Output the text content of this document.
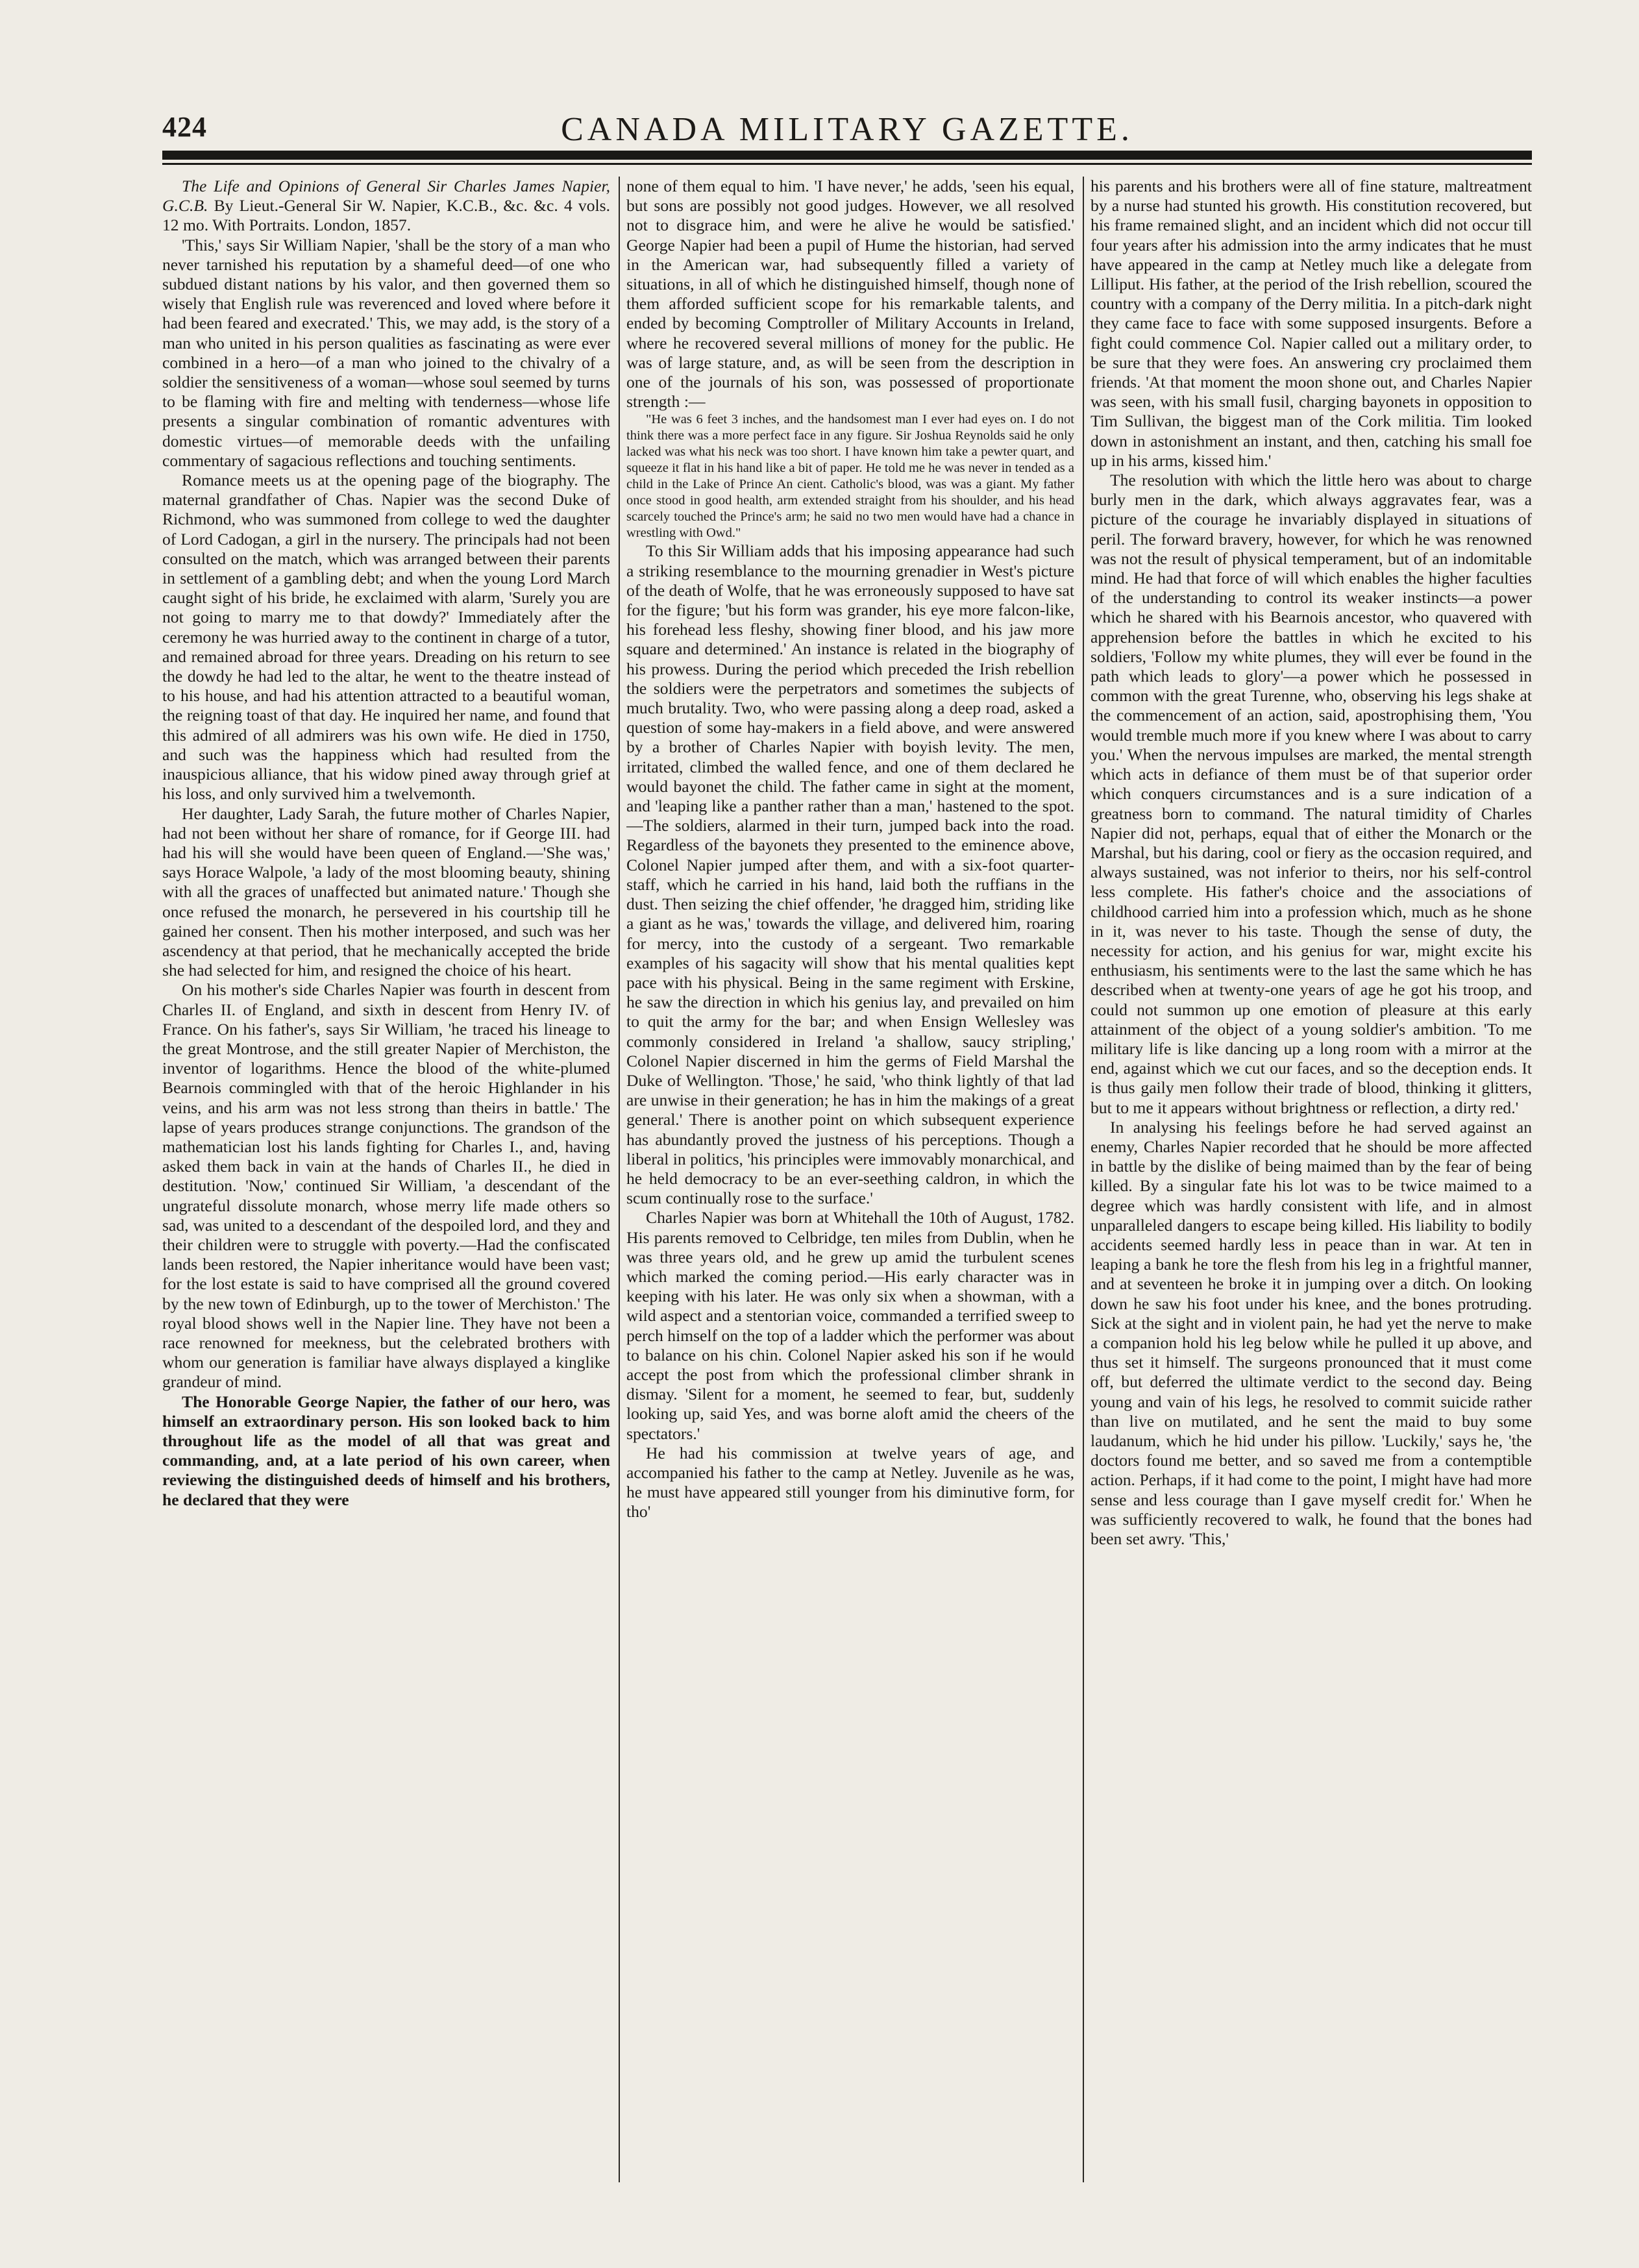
424	CANADA MILITARY GAZETTE.

The Life and Opinions of General Sir Charles James Napier, G.C.B. By Lieut.-General Sir W. Napier, K.C.B., &c. &c. 4 vols. 12 mo. With Portraits. London, 1857.

'This,' says Sir William Napier, 'shall be the story of a man who never tarnished his reputation by a shameful deed—of one who subdued distant nations by his valor, and then governed them so wisely that English rule was reverenced and loved where before it had been feared and execrated.' This, we may add, is the story of a man who united in his person qualities as fascinating as were ever combined in a hero—of a man who joined to the chivalry of a soldier the sensitiveness of a woman—whose soul seemed by turns to be flaming with fire and melting with tenderness—whose life presents a singular combination of romantic adventures with domestic virtues—of memorable deeds with the unfailing commentary of sagacious reflections and touching sentiments.

Romance meets us at the opening page of the biography. The maternal grandfather of Chas. Napier was the second Duke of Richmond, who was summoned from college to wed the daughter of Lord Cadogan, a girl in the nursery. The principals had not been consulted on the match, which was arranged between their parents in settlement of a gambling debt; and when the young Lord March caught sight of his bride, he exclaimed with alarm, 'Surely you are not going to marry me to that dowdy?' Immediately after the ceremony he was hurried away to the continent in charge of a tutor, and remained abroad for three years. Dreading on his return to see the dowdy he had led to the altar, he went to the theatre instead of to his house, and had his attention attracted to a beautiful woman, the reigning toast of that day. He inquired her name, and found that this admired of all admirers was his own wife. He died in 1750, and such was the happiness which had resulted from the inauspicious alliance, that his widow pined away through grief at his loss, and only survived him a twelvemonth.

Her daughter, Lady Sarah, the future mother of Charles Napier, had not been without her share of romance, for if George III. had had his will she would have been queen of England.—'She was,' says Horace Walpole, 'a lady of the most blooming beauty, shining with all the graces of unaffected but animated nature.' Though she once refused the monarch, he persevered in his courtship till he gained her consent. Then his mother interposed, and such was her ascendency at that period, that he mechanically accepted the bride she had selected for him, and resigned the choice of his heart.

On his mother's side Charles Napier was fourth in descent from Charles II. of England, and sixth in descent from Henry IV. of France. On his father's, says Sir William, 'he traced his lineage to the great Montrose, and the still greater Napier of Merchiston, the inventor of logarithms. Hence the blood of the white-plumed Bearnois commingled with that of the heroic Highlander in his veins, and his arm was not less strong than theirs in battle.' The lapse of years produces strange conjunctions. The grandson of the mathematician lost his lands fighting for Charles I., and, having asked them back in vain at the hands of Charles II., he died in destitution. 'Now,' continued Sir William, 'a descendant of the ungrateful dissolute monarch, whose merry life made others so sad, was united to a descendant of the despoiled lord, and they and their children were to struggle with poverty.—Had the confiscated lands been restored, the Napier inheritance would have been vast; for the lost estate is said to have comprised all the ground covered by the new town of Edinburgh, up to the tower of Merchiston.' The royal blood shows well in the Napier line. They have not been a race renowned for meekness, but the celebrated brothers with whom our generation is familiar have always displayed a kinglike grandeur of mind.

The Honorable George Napier, the father of our hero, was himself an extraordinary person. His son looked back to him throughout life as the model of all that was great and commanding, and, at a late period of his own career, when reviewing the distinguished deeds of himself and his brothers, he declared that they were

none of them equal to him. 'I have never,' he adds, 'seen his equal, but sons are possibly not good judges. However, we all resolved not to disgrace him, and were he alive he would be satisfied.' George Napier had been a pupil of Hume the historian, had served in the American war, had subsequently filled a variety of situations, in all of which he distinguished himself, though none of them afforded sufficient scope for his remarkable talents, and ended by becoming Comptroller of Military Accounts in Ireland, where he recovered several millions of money for the public. He was of large stature, and, as will be seen from the description in one of the journals of his son, was possessed of proportionate strength :—

"He was 6 feet 3 inches, and the handsomest man I ever had eyes on. I do not think there was a more perfect face in any figure. Sir Joshua Reynolds said he only lacked was what his neck was too short. I have known him take a pewter quart, and squeeze it flat in his hand like a bit of paper. He told me he was never in tended as a child in the Lake of Prince An cient. Catholic's blood, was was a giant. My father once stood in good health, arm extended straight from his shoulder, and his head scarcely touched the Prince's arm; he said no two men would have had a chance in wrestling with Owd."

To this Sir William adds that his imposing appearance had such a striking resemblance to the mourning grenadier in West's picture of the death of Wolfe, that he was erroneously supposed to have sat for the figure; 'but his form was grander, his eye more falcon-like, his forehead less fleshy, showing finer blood, and his jaw more square and determined.' An instance is related in the biography of his prowess. During the period which preceded the Irish rebellion the soldiers were the perpetrators and sometimes the subjects of much brutality. Two, who were passing along a deep road, asked a question of some hay-makers in a field above, and were answered by a brother of Charles Napier with boyish levity. The men, irritated, climbed the walled fence, and one of them declared he would bayonet the child. The father came in sight at the moment, and 'leaping like a panther rather than a man,' hastened to the spot.—The soldiers, alarmed in their turn, jumped back into the road. Regardless of the bayonets they presented to the eminence above, Colonel Napier jumped after them, and with a six-foot quarter-staff, which he carried in his hand, laid both the ruffians in the dust. Then seizing the chief offender, 'he dragged him, striding like a giant as he was,' towards the village, and delivered him, roaring for mercy, into the custody of a sergeant. Two remarkable examples of his sagacity will show that his mental qualities kept pace with his physical. Being in the same regiment with Erskine, he saw the direction in which his genius lay, and prevailed on him to quit the army for the bar; and when Ensign Wellesley was commonly considered in Ireland 'a shallow, saucy stripling,' Colonel Napier discerned in him the germs of Field Marshal the Duke of Wellington. 'Those,' he said, 'who think lightly of that lad are unwise in their generation; he has in him the makings of a great general.' There is another point on which subsequent experience has abundantly proved the justness of his perceptions. Though a liberal in politics, 'his principles were immovably monarchical, and he held democracy to be an ever-seething caldron, in which the scum continually rose to the surface.'

Charles Napier was born at Whitehall the 10th of August, 1782. His parents removed to Celbridge, ten miles from Dublin, when he was three years old, and he grew up amid the turbulent scenes which marked the coming period.—His early character was in keeping with his later. He was only six when a showman, with a wild aspect and a stentorian voice, commanded a terrified sweep to perch himself on the top of a ladder which the performer was about to balance on his chin. Colonel Napier asked his son if he would accept the post from which the professional climber shrank in dismay. 'Silent for a moment, he seemed to fear, but, suddenly looking up, said Yes, and was borne aloft amid the cheers of the spectators.'

He had his commission at twelve years of age, and accompanied his father to the camp at Netley. Juvenile as he was, he must have appeared still younger from his diminutive form, for tho'

his parents and his brothers were all of fine stature, maltreatment by a nurse had stunted his growth. His constitution recovered, but his frame remained slight, and an incident which did not occur till four years after his admission into the army indicates that he must have appeared in the camp at Netley much like a delegate from Lilliput. His father, at the period of the Irish rebellion, scoured the country with a company of the Derry militia. In a pitch-dark night they came face to face with some supposed insurgents. Before a fight could commence Col. Napier called out a military order, to be sure that they were foes. An answering cry proclaimed them friends. 'At that moment the moon shone out, and Charles Napier was seen, with his small fusil, charging bayonets in opposition to Tim Sullivan, the biggest man of the Cork militia. Tim looked down in astonishment an instant, and then, catching his small foe up in his arms, kissed him.'

The resolution with which the little hero was about to charge burly men in the dark, which always aggravates fear, was a picture of the courage he invariably displayed in situations of peril. The forward bravery, however, for which he was renowned was not the result of physical temperament, but of an indomitable mind. He had that force of will which enables the higher faculties of the understanding to control its weaker instincts—a power which he shared with his Bearnois ancestor, who quavered with apprehension before the battles in which he excited to his soldiers, 'Follow my white plumes, they will ever be found in the path which leads to glory'—a power which he possessed in common with the great Turenne, who, observing his legs shake at the commencement of an action, said, apostrophising them, 'You would tremble much more if you knew where I was about to carry you.' When the nervous impulses are marked, the mental strength which acts in defiance of them must be of that superior order which conquers circumstances and is a sure indication of a greatness born to command. The natural timidity of Charles Napier did not, perhaps, equal that of either the Monarch or the Marshal, but his daring, cool or fiery as the occasion required, and always sustained, was not inferior to theirs, nor his self-control less complete. His father's choice and the associations of childhood carried him into a profession which, much as he shone in it, was never to his taste. Though the sense of duty, the necessity for action, and his genius for war, might excite his enthusiasm, his sentiments were to the last the same which he has described when at twenty-one years of age he got his troop, and could not summon up one emotion of pleasure at this early attainment of the object of a young soldier's ambition. 'To me military life is like dancing up a long room with a mirror at the end, against which we cut our faces, and so the deception ends. It is thus gaily men follow their trade of blood, thinking it glitters, but to me it appears without brightness or reflection, a dirty red.'

In analysing his feelings before he had served against an enemy, Charles Napier recorded that he should be more affected in battle by the dislike of being maimed than by the fear of being killed. By a singular fate his lot was to be twice maimed to a degree which was hardly consistent with life, and in almost unparalleled dangers to escape being killed. His liability to bodily accidents seemed hardly less in peace than in war. At ten in leaping a bank he tore the flesh from his leg in a frightful manner, and at seventeen he broke it in jumping over a ditch. On looking down he saw his foot under his knee, and the bones protruding. Sick at the sight and in violent pain, he had yet the nerve to make a companion hold his leg below while he pulled it up above, and thus set it himself. The surgeons pronounced that it must come off, but deferred the ultimate verdict to the second day. Being young and vain of his legs, he resolved to commit suicide rather than live on mutilated, and he sent the maid to buy some laudanum, which he hid under his pillow. 'Luckily,' says he, 'the doctors found me better, and so saved me from a contemptible action. Perhaps, if it had come to the point, I might have had more sense and less courage than I gave myself credit for.' When he was sufficiently recovered to walk, he found that the bones had been set awry. 'This,'
